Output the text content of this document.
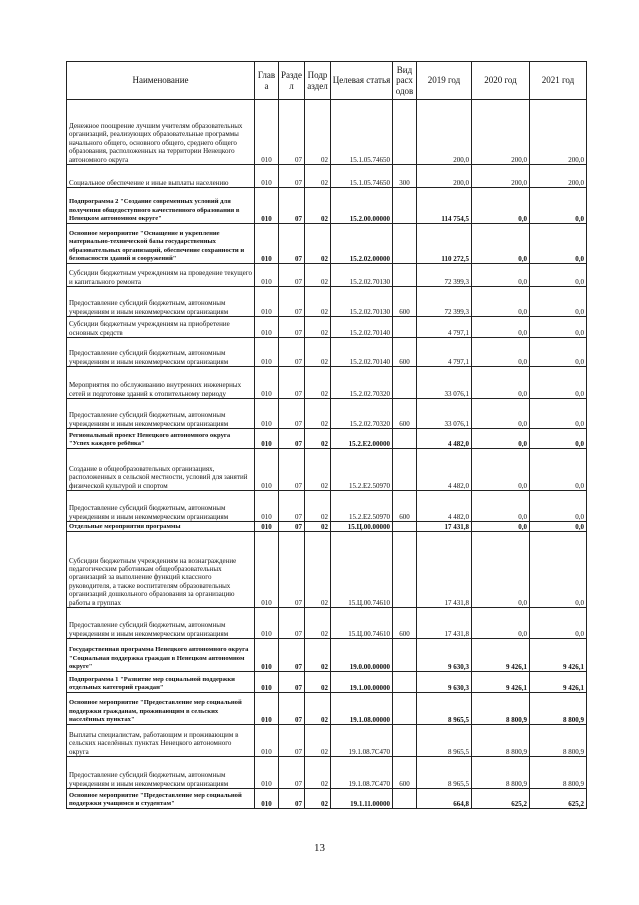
Наименование	Глав а	Разде л	Подр аздел	Целевая статья	Вид расх одов	2019 год	2020 год	2021 год
Денежное поощрение лучшим учителям образовательных организаций, реализующих образовательные программы начального общего, основного общего, среднего общего образования, расположенных на территории Ненецкого автономного округа	010	07	02	15.1.05.74650		200,0	200,0	200,0
Социальное обеспечение и иные выплаты населению	010	07	02	15.1.05.74650	300	200,0	200,0	200,0
Подпрограмма 2 "Создание современных условий для получения общедоступного качественного образования в Ненецком автономном округе"	010	07	02	15.2.00.00000		114 754,5	0,0	0,0
Основное мероприятие "Оснащение и укрепление материально-технической базы государственных образовательных организаций, обеспечение сохранности и безопасности зданий и сооружений"	010	07	02	15.2.02.00000		110 272,5	0,0	0,0
Субсидии бюджетным учреждениям на проведение текущего и капитального ремонта	010	07	02	15.2.02.70130		72 399,3	0,0	0,0
Предоставление субсидий бюджетным, автономным учреждениям и иным некоммерческим организациям	010	07	02	15.2.02.70130	600	72 399,3	0,0	0,0
Субсидии бюджетным учреждениям на приобретение основных средств	010	07	02	15.2.02.70140		4 797,1	0,0	0,0
Предоставление субсидий бюджетным, автономным учреждениям и иным некоммерческим организациям	010	07	02	15.2.02.70140	600	4 797,1	0,0	0,0
Мероприятия по обслуживанию внутренних инженерных сетей и подготовке зданий к отопительному периоду	010	07	02	15.2.02.70320		33 076,1	0,0	0,0
Предоставление субсидий бюджетным, автономным учреждениям и иным некоммерческим организациям	010	07	02	15.2.02.70320	600	33 076,1	0,0	0,0
Региональный проект Ненецкого автономного округа "Успех каждого ребёнка"	010	07	02	15.2.E2.00000		4 482,0	0,0	0,0
Создание в общеобразовательных организациях, расположенных в сельской местности, условий для занятий физической культурой и спортом	010	07	02	15.2.E2.50970		4 482,0	0,0	0,0
Предоставление субсидий бюджетным, автономным учреждениям и иным некоммерческим организациям	010	07	02	15.2.E2.50970	600	4 482,0	0,0	0,0
Отдельные мероприятия программы	010	07	02	15.Ц.00.00000		17 431,8	0,0	0,0
Субсидии бюджетным учреждениям на вознаграждение педагогическим работникам общеобразовательных организаций за выполнение функций классного руководителя, а также воспитателям образовательных организаций дошкольного образования за организацию работы в группах	010	07	02	15.Ц.00.74610		17 431,8	0,0	0,0
Предоставление субсидий бюджетным, автономным учреждениям и иным некоммерческим организациям	010	07	02	15.Ц.00.74610	600	17 431,8	0,0	0,0
Государственная программа Ненецкого автономного округа "Социальная поддержка граждан в Ненецком автономном округе"	010	07	02	19.0.00.00000		9 630,3	9 426,1	9 426,1
Подпрограмма 1 "Развитие мер социальной поддержки отдельных категорий граждан"	010	07	02	19.1.00.00000		9 630,3	9 426,1	9 426,1
Основное мероприятие "Предоставление мер социальной поддержки гражданам, проживающим в сельских населённых пунктах"	010	07	02	19.1.08.00000		8 965,5	8 800,9	8 800,9
Выплаты специалистам, работающим и проживающим в сельских населённых пунктах Ненецкого автономного округа	010	07	02	19.1.08.7C470		8 965,5	8 800,9	8 800,9
Предоставление субсидий бюджетным, автономным учреждениям и иным некоммерческим организациям	010	07	02	19.1.08.7C470	600	8 965,5	8 800,9	8 800,9
Основное мероприятие "Предоставление мер социальной поддержки учащимся и студентам"	010	07	02	19.1.11.00000		664,8	625,2	625,2
13
